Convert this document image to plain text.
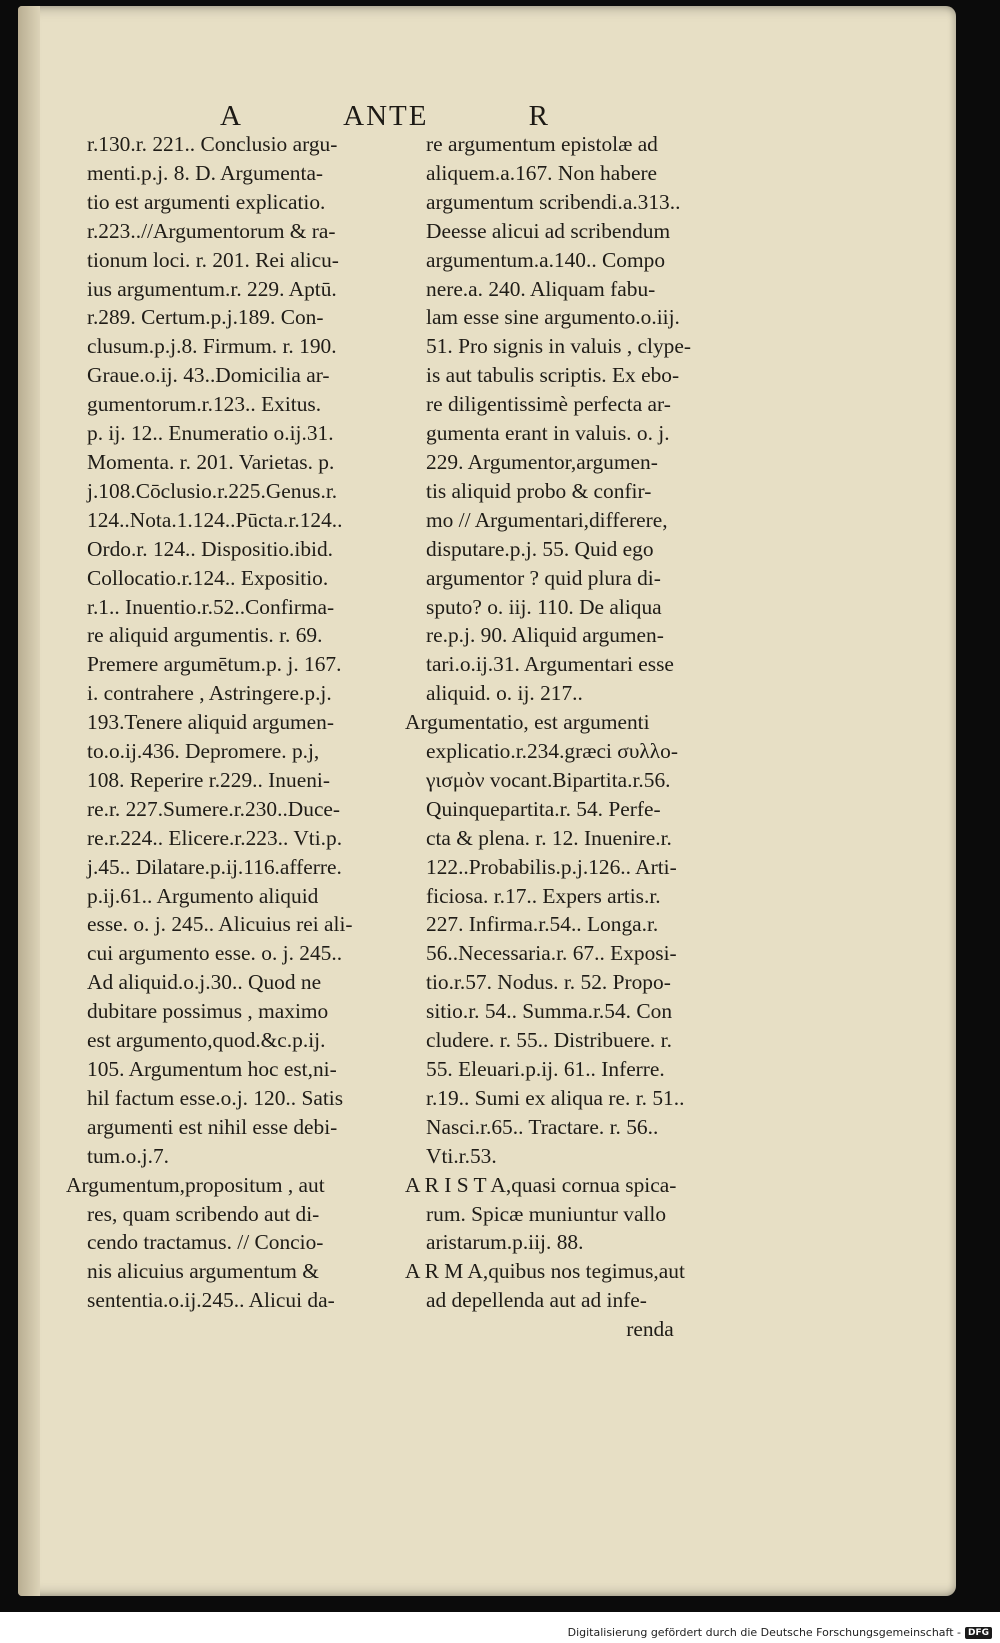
A	ANTE	R
r.130.r. 221.. Conclusio argu-
menti.p.j. 8. D. Argumenta-
tio est argumenti explicatio.
r.223..//Argumentorum & ra-
tionum loci. r. 201. Rei alicu-
ius argumentum.r. 229. Aptū.
r.289. Certum.p.j.189. Con-
clusum.p.j.8. Firmum. r. 190.
Graue.o.ij. 43..Domicilia ar-
gumentorum.r.123.. Exitus.
p. ij. 12.. Enumeratio o.ij.31.
Momenta. r. 201. Varietas. p.
j.108.Cōclusio.r.225.Genus.r.
124..Nota.1.124..Pūcta.r.124..
Ordo.r. 124.. Dispositio.ibid.
Collocatio.r.124.. Expositio.
r.1.. Inuentio.r.52..Confirma-
re aliquid argumentis. r. 69.
Premere argumētum.p. j. 167.
i. contrahere , Astringere.p.j.
193.Tenere aliquid argumen-
to.o.ij.436. Depromere. p.j,
108. Reperire r.229.. Inueni-
re.r. 227.Sumere.r.230..Duce-
re.r.224.. Elicere.r.223.. Vti.p.
j.45.. Dilatare.p.ij.116.afferre.
p.ij.61.. Argumento aliquid
esse. o. j. 245.. Alicuius rei ali-
cui argumento esse. o. j. 245..
Ad aliquid.o.j.30.. Quod ne
dubitare possimus , maximo
est argumento,quod.&c.p.ij.
105. Argumentum hoc est,ni-
hil factum esse.o.j. 120.. Satis
argumenti est nihil esse debi-
tum.o.j.7.
Argumentum,propositum , aut
res, quam scribendo aut di-
cendo tractamus. // Concio-
nis alicuius argumentum &
sententia.o.ij.245.. Alicui da-
re argumentum epistolæ ad
aliquem.a.167. Non habere
argumentum scribendi.a.313..
Deesse alicui ad scribendum
argumentum.a.140.. Compo
nere.a. 240. Aliquam fabu-
lam esse sine argumento.o.iij.
51. Pro signis in valuis , clype-
is aut tabulis scriptis. Ex ebo-
re diligentissimè perfecta ar-
gumenta erant in valuis. o. j.
229. Argumentor,argumen-
tis aliquid probo & confir-
mo // Argumentari,differere,
disputare.p.j. 55. Quid ego
argumentor ? quid plura di-
sputo? o. iij. 110. De aliqua
re.p.j. 90. Aliquid argumen-
tari.o.ij.31. Argumentari esse
aliquid. o. ij. 217..
Argumentatio, est argumenti
explicatio.r.234.græci συλλο-
γισμὸν vocant.Bipartita.r.56.
Quinquepartita.r. 54. Perfe-
cta & plena. r. 12. Inuenire.r.
122..Probabilis.p.j.126.. Arti-
ficiosa. r.17.. Expers artis.r.
227. Infirma.r.54.. Longa.r.
56..Necessaria.r. 67.. Exposi-
tio.r.57. Nodus. r. 52. Propo-
sitio.r. 54.. Summa.r.54. Con
cludere. r. 55.. Distribuere. r.
55. Eleuari.p.ij. 61.. Inferre.
r.19.. Sumi ex aliqua re. r. 51..
Nasci.r.65.. Tractare. r. 56..
Vti.r.53.
A R I S T A,quasi cornua spica-
rum. Spicæ muniuntur vallo
aristarum.p.iij. 88.
A R M A,quibus nos tegimus,aut
ad depellenda aut ad infe-
renda
Digitalisierung gefördert durch die Deutsche Forschungsgemeinschaft - DFG
